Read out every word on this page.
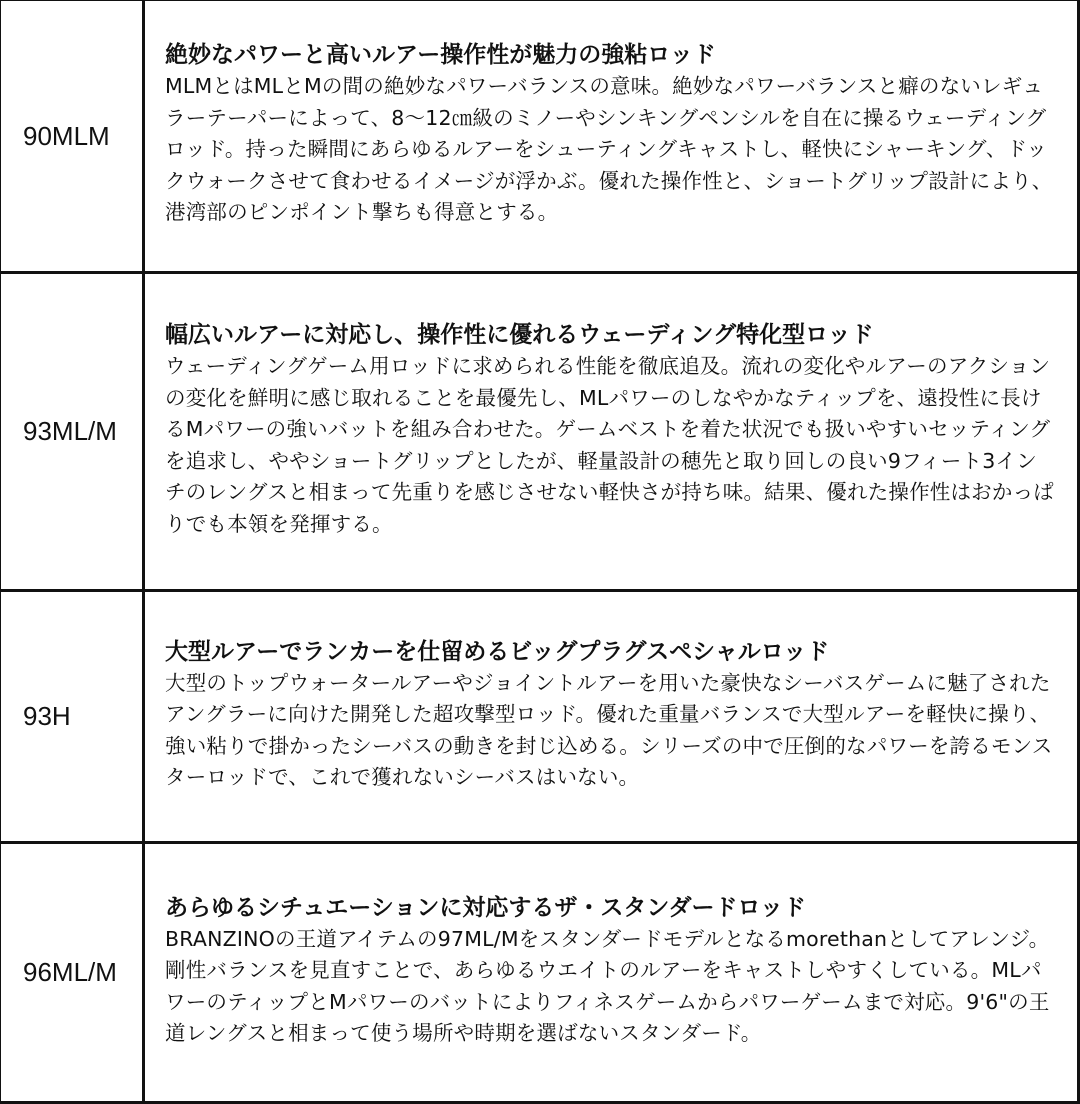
90MLM	絶妙なパワーと高いルアー操作性が魅力の強粘ロッド

MLMとはMLとMの間の絶妙なパワーバランスの意味。絶妙なパワーバランスと癖のないレギュラーテーパーによって、8〜12㎝級のミノーやシンキングペンシルを自在に操るウェーディングロッド。持った瞬間にあらゆるルアーをシューティングキャストし、軽快にシャーキング、ドックウォークさせて食わせるイメージが浮かぶ。優れた操作性と、ショートグリップ設計により、港湾部のピンポイント撃ちも得意とする。

93ML/M	幅広いルアーに対応し、操作性に優れるウェーディング特化型ロッド

ウェーディングゲーム用ロッドに求められる性能を徹底追及。流れの変化やルアーのアクションの変化を鮮明に感じ取れることを最優先し、MLパワーのしなやかなティップを、遠投性に長けるMパワーの強いバットを組み合わせた。ゲームベストを着た状況でも扱いやすいセッティングを追求し、ややショートグリップとしたが、軽量設計の穂先と取り回しの良い9フィート3インチのレングスと相まって先重りを感じさせない軽快さが持ち味。結果、優れた操作性はおかっぱりでも本領を発揮する。

93H	大型ルアーでランカーを仕留めるビッグプラグスペシャルロッド

大型のトップウォータールアーやジョイントルアーを用いた豪快なシーバスゲームに魅了されたアングラーに向けた開発した超攻撃型ロッド。優れた重量バランスで大型ルアーを軽快に操り、強い粘りで掛かったシーバスの動きを封じ込める。シリーズの中で圧倒的なパワーを誇るモンスターロッドで、これで獲れないシーバスはいない。

96ML/M	あらゆるシチュエーションに対応するザ・スタンダードロッド

BRANZINOの王道アイテムの97ML/Mをスタンダードモデルとなるmorethanとしてアレンジ。剛性バランスを見直すことで、あらゆるウエイトのルアーをキャストしやすくしている。MLパワーのティップとMパワーのバットによりフィネスゲームからパワーゲームまで対応。9'6"の王道レングスと相まって使う場所や時期を選ばないスタンダード。
